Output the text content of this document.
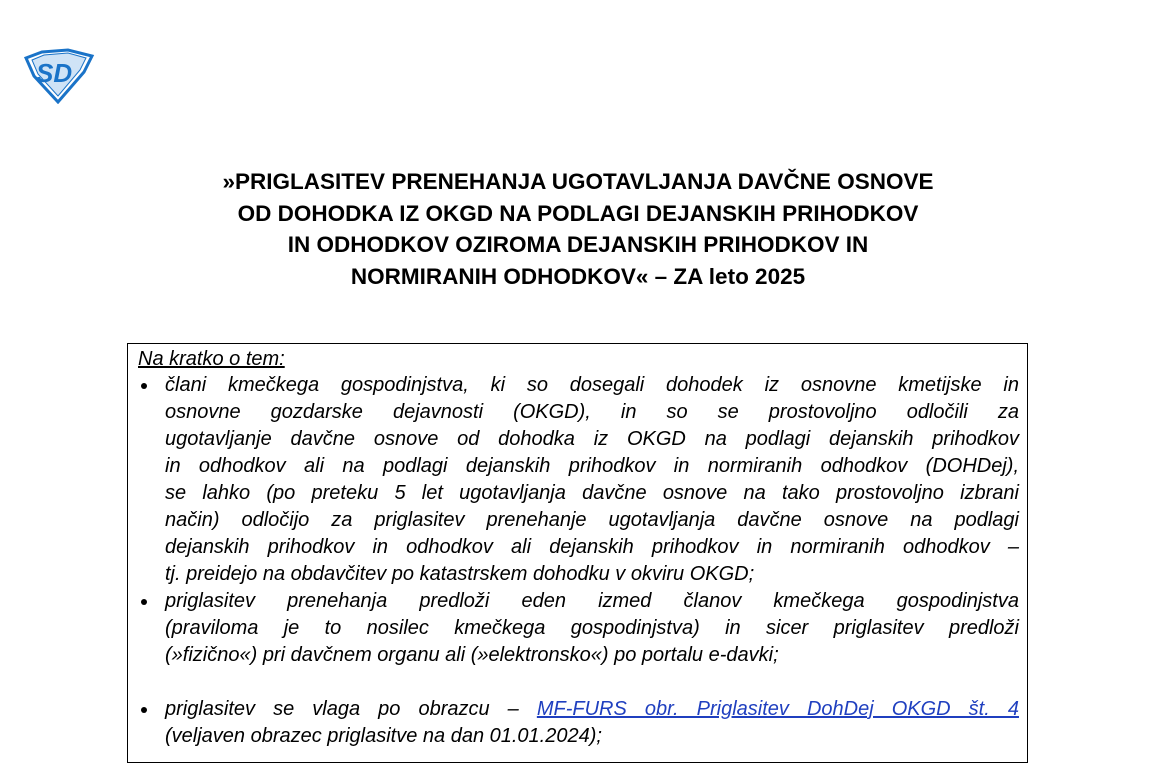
SD
»PRIGLASITEV PRENEHANJA UGOTAVLJANJA DAVČNE OSNOVE
OD DOHODKA IZ OKGD NA PODLAGI DEJANSKIH PRIHODKOV
IN ODHODKOV OZIROMA DEJANSKIH PRIHODKOV IN
NORMIRANIH ODHODKOV« – ZA leto 2025
Na kratko o tem:
člani kmečkega gospodinjstva, ki so dosegali dohodek iz osnovne kmetijske in
osnovne gozdarske dejavnosti (OKGD), in so se prostovoljno odločili za
ugotavljanje davčne osnove od dohodka iz OKGD na podlagi dejanskih prihodkov
in odhodkov ali na podlagi dejanskih prihodkov in normiranih odhodkov (DOHDej),
se lahko (po preteku 5 let ugotavljanja davčne osnove na tako prostovoljno izbrani
način) odločijo za priglasitev prenehanje ugotavljanja davčne osnove na podlagi
dejanskih prihodkov in odhodkov ali dejanskih prihodkov in normiranih odhodkov –
tj. preidejo na obdavčitev po katastrskem dohodku v okviru OKGD;
priglasitev prenehanja predloži eden izmed članov kmečkega gospodinjstva
(praviloma je to nosilec kmečkega gospodinjstva) in sicer priglasitev predloži
(»fizično«) pri davčnem organu ali (»elektronsko«) po portalu e-davki;
priglasitev se vlaga po obrazcu – MF-FURS obr. Priglasitev DohDej OKGD št. 4
(veljaven obrazec priglasitve na dan 01.01.2024);
